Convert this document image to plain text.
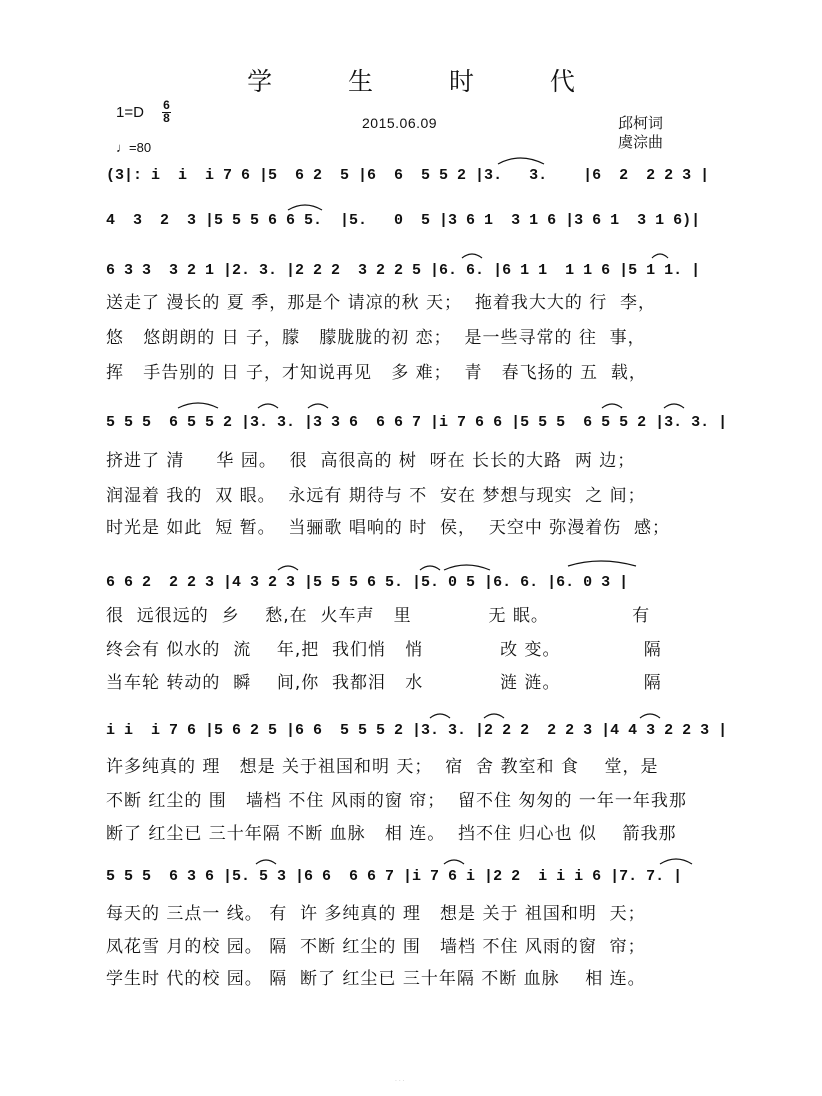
学 生 时 代
1=D 6
8
♩=80
2015.06.09	邱柯词
虞淙曲
(3|: i  i  i 7 6 |5  6 2  5 |6  6  5 5 2 |3.   3.    |6  2  2 2 3 |
4  3  2  3 |5 5 5 6 6 5.  |5.   0  5 |3 6 1  3 1 6 |3 6 1  3 1 6)|
6 3 3  3 2 1 |2. 3. |2 2 2  3 2 2 5 |6. 6. |6 1 1  1 1 6 |5 1 1. |
5 5 5  6 5 5 2 |3. 3. |3 3 6  6 6 7 |i 7 6 6 |5 5 5  6 5 5 2 |3. 3. |
6 6 2  2 2 3 |4 3 2 3 |5 5 5 6 5. |5. 0 5 |6. 6. |6. 0 3 |
i i  i 7 6 |5 6 2 5 |6 6  5 5 5 2 |3. 3. |2 2 2  2 2 3 |4 4 3 2 2 3 |
5 5 5  6 3 6 |5. 5 3 |6 6  6 6 7 |i 7 6 i |2 2  i i i 6 |7. 7. |
送走了 漫长的 夏 季，那是个 请凉的秋 天；  拖着我大大的 行  李，
悠   悠朗朗的 日 子，朦   朦胧胧的初 恋；  是一些寻常的 往  事，
挥   手告别的 日 子，才知说再见   多 难；  青   春飞扬的 五  载，
挤进了 清     华 园。  很  高很高的 树  呀在 长长的大路  两 边；
润湿着 我的  双 眼。  永远有 期待与 不  安在 梦想与现实  之 间；
时光是 如此  短 暂。  当骊歌 唱响的 时  侯，  天空中 弥漫着伤  感；
很  远很远的  乡    愁,在  火车声   里            无 眠。             有
终会有 似水的  流    年,把  我们悄   悄            改 变。             隔
当车轮 转动的  瞬    间,你  我都泪   水            涟 涟。             隔
许多纯真的 理   想是 关于祖国和明 天；  宿  舍 教室和 食    堂，是
不断 红尘的 围   墙档 不住 风雨的窗 帘；  留不住 匆匆的 一年一年我那
断了 红尘已 三十年隔 不断 血脉   相 连。  挡不住 归心也 似    箭我那
每天的 三点一 线。 有  许 多纯真的 理   想是 关于 祖国和明  天；
凤花雪 月的校 园。 隔  不断 红尘的 围   墙档 不住 风雨的窗  帘；
学生时 代的校 园。 隔  断了 红尘已 三十年隔 不断 血脉    相 连。
· · ·
